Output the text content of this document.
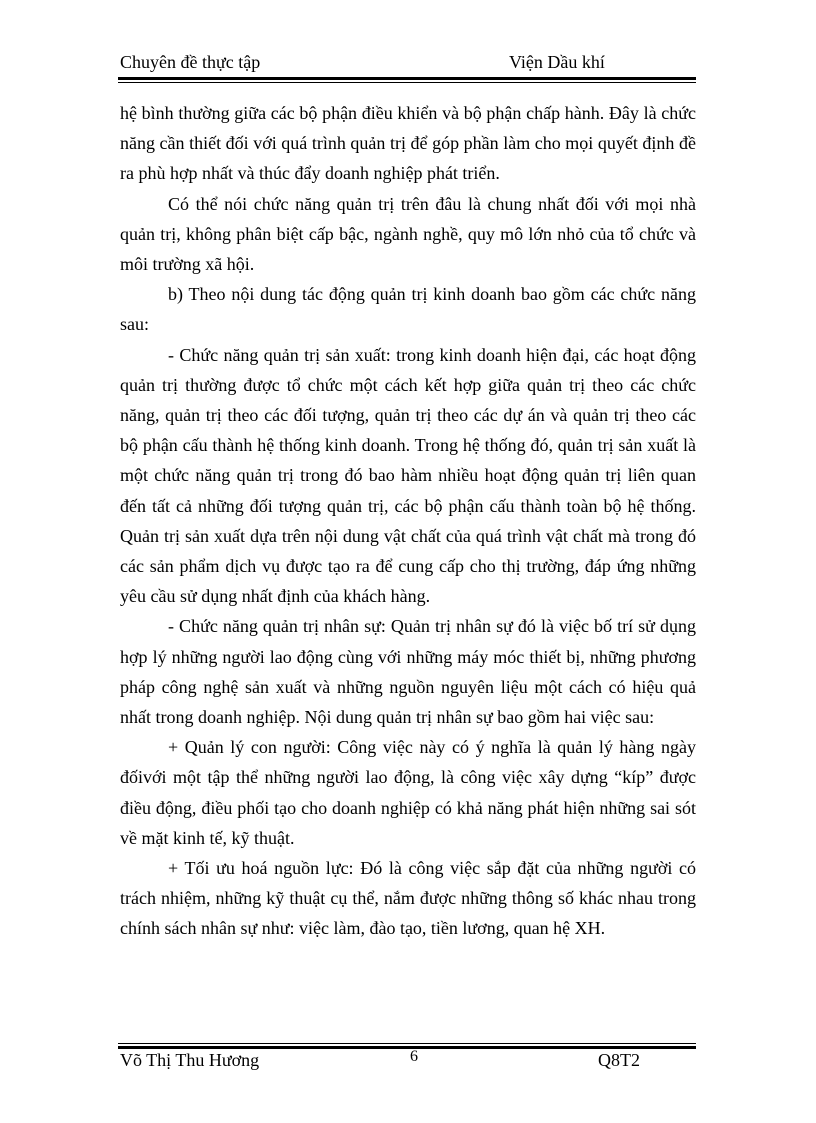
Chuyên đề thực tập	Viện Dầu khí

hệ bình thường giữa các bộ phận điều khiển và bộ phận chấp hành. Đây là chức năng cần thiết đối với quá trình quản trị để góp phần làm cho mọi quyết định đề ra phù hợp nhất và thúc đẩy doanh nghiệp phát triển.

Có thể nói chức năng quản trị trên đâu là chung nhất đối với mọi nhà quản trị, không phân biệt cấp bậc, ngành nghề, quy mô lớn nhỏ của tổ chức và môi trường xã hội.

b) Theo nội dung tác động quản trị kinh doanh bao gồm các chức năng sau:

- Chức năng quản trị sản xuất: trong kinh doanh hiện đại, các hoạt động quản trị thường được tổ chức một cách kết hợp giữa quản trị theo các chức năng, quản trị theo các đối tượng, quản trị theo các dự án và quản trị theo các bộ phận cấu thành hệ thống kinh doanh. Trong hệ thống đó, quản trị sản xuất là một chức năng quản trị trong đó bao hàm nhiều hoạt động quản trị liên quan đến tất cả những đối tượng quản trị, các bộ phận cấu thành toàn bộ hệ thống. Quản trị sản xuất dựa trên nội dung vật chất của quá trình vật chất mà trong đó các sản phẩm dịch vụ được tạo ra để cung cấp cho thị trường, đáp ứng những yêu cầu sử dụng nhất định của khách hàng.

- Chức năng quản trị nhân sự: Quản trị nhân sự đó là việc bố trí sử dụng hợp lý những người lao động cùng với những máy móc thiết bị, những phương pháp công nghệ sản xuất và những nguồn nguyên liệu một cách có hiệu quả nhất trong doanh nghiệp. Nội dung quản trị nhân sự bao gồm hai việc sau:

+ Quản lý con người: Công việc này có ý nghĩa là quản lý hàng ngày đốivới một tập thể những người lao động, là công việc xây dựng “kíp” được điều động, điều phối tạo cho doanh nghiệp có khả năng phát hiện những sai sót về mặt kinh tế, kỹ thuật.

+ Tối ưu hoá nguồn lực: Đó là công việc sắp đặt của những người có trách nhiệm, những kỹ thuật cụ thể, nắm được những thông số khác nhau trong chính sách nhân sự như: việc làm, đào tạo, tiền lương, quan hệ XH.

Võ Thị Thu Hương	6	Q8T2
